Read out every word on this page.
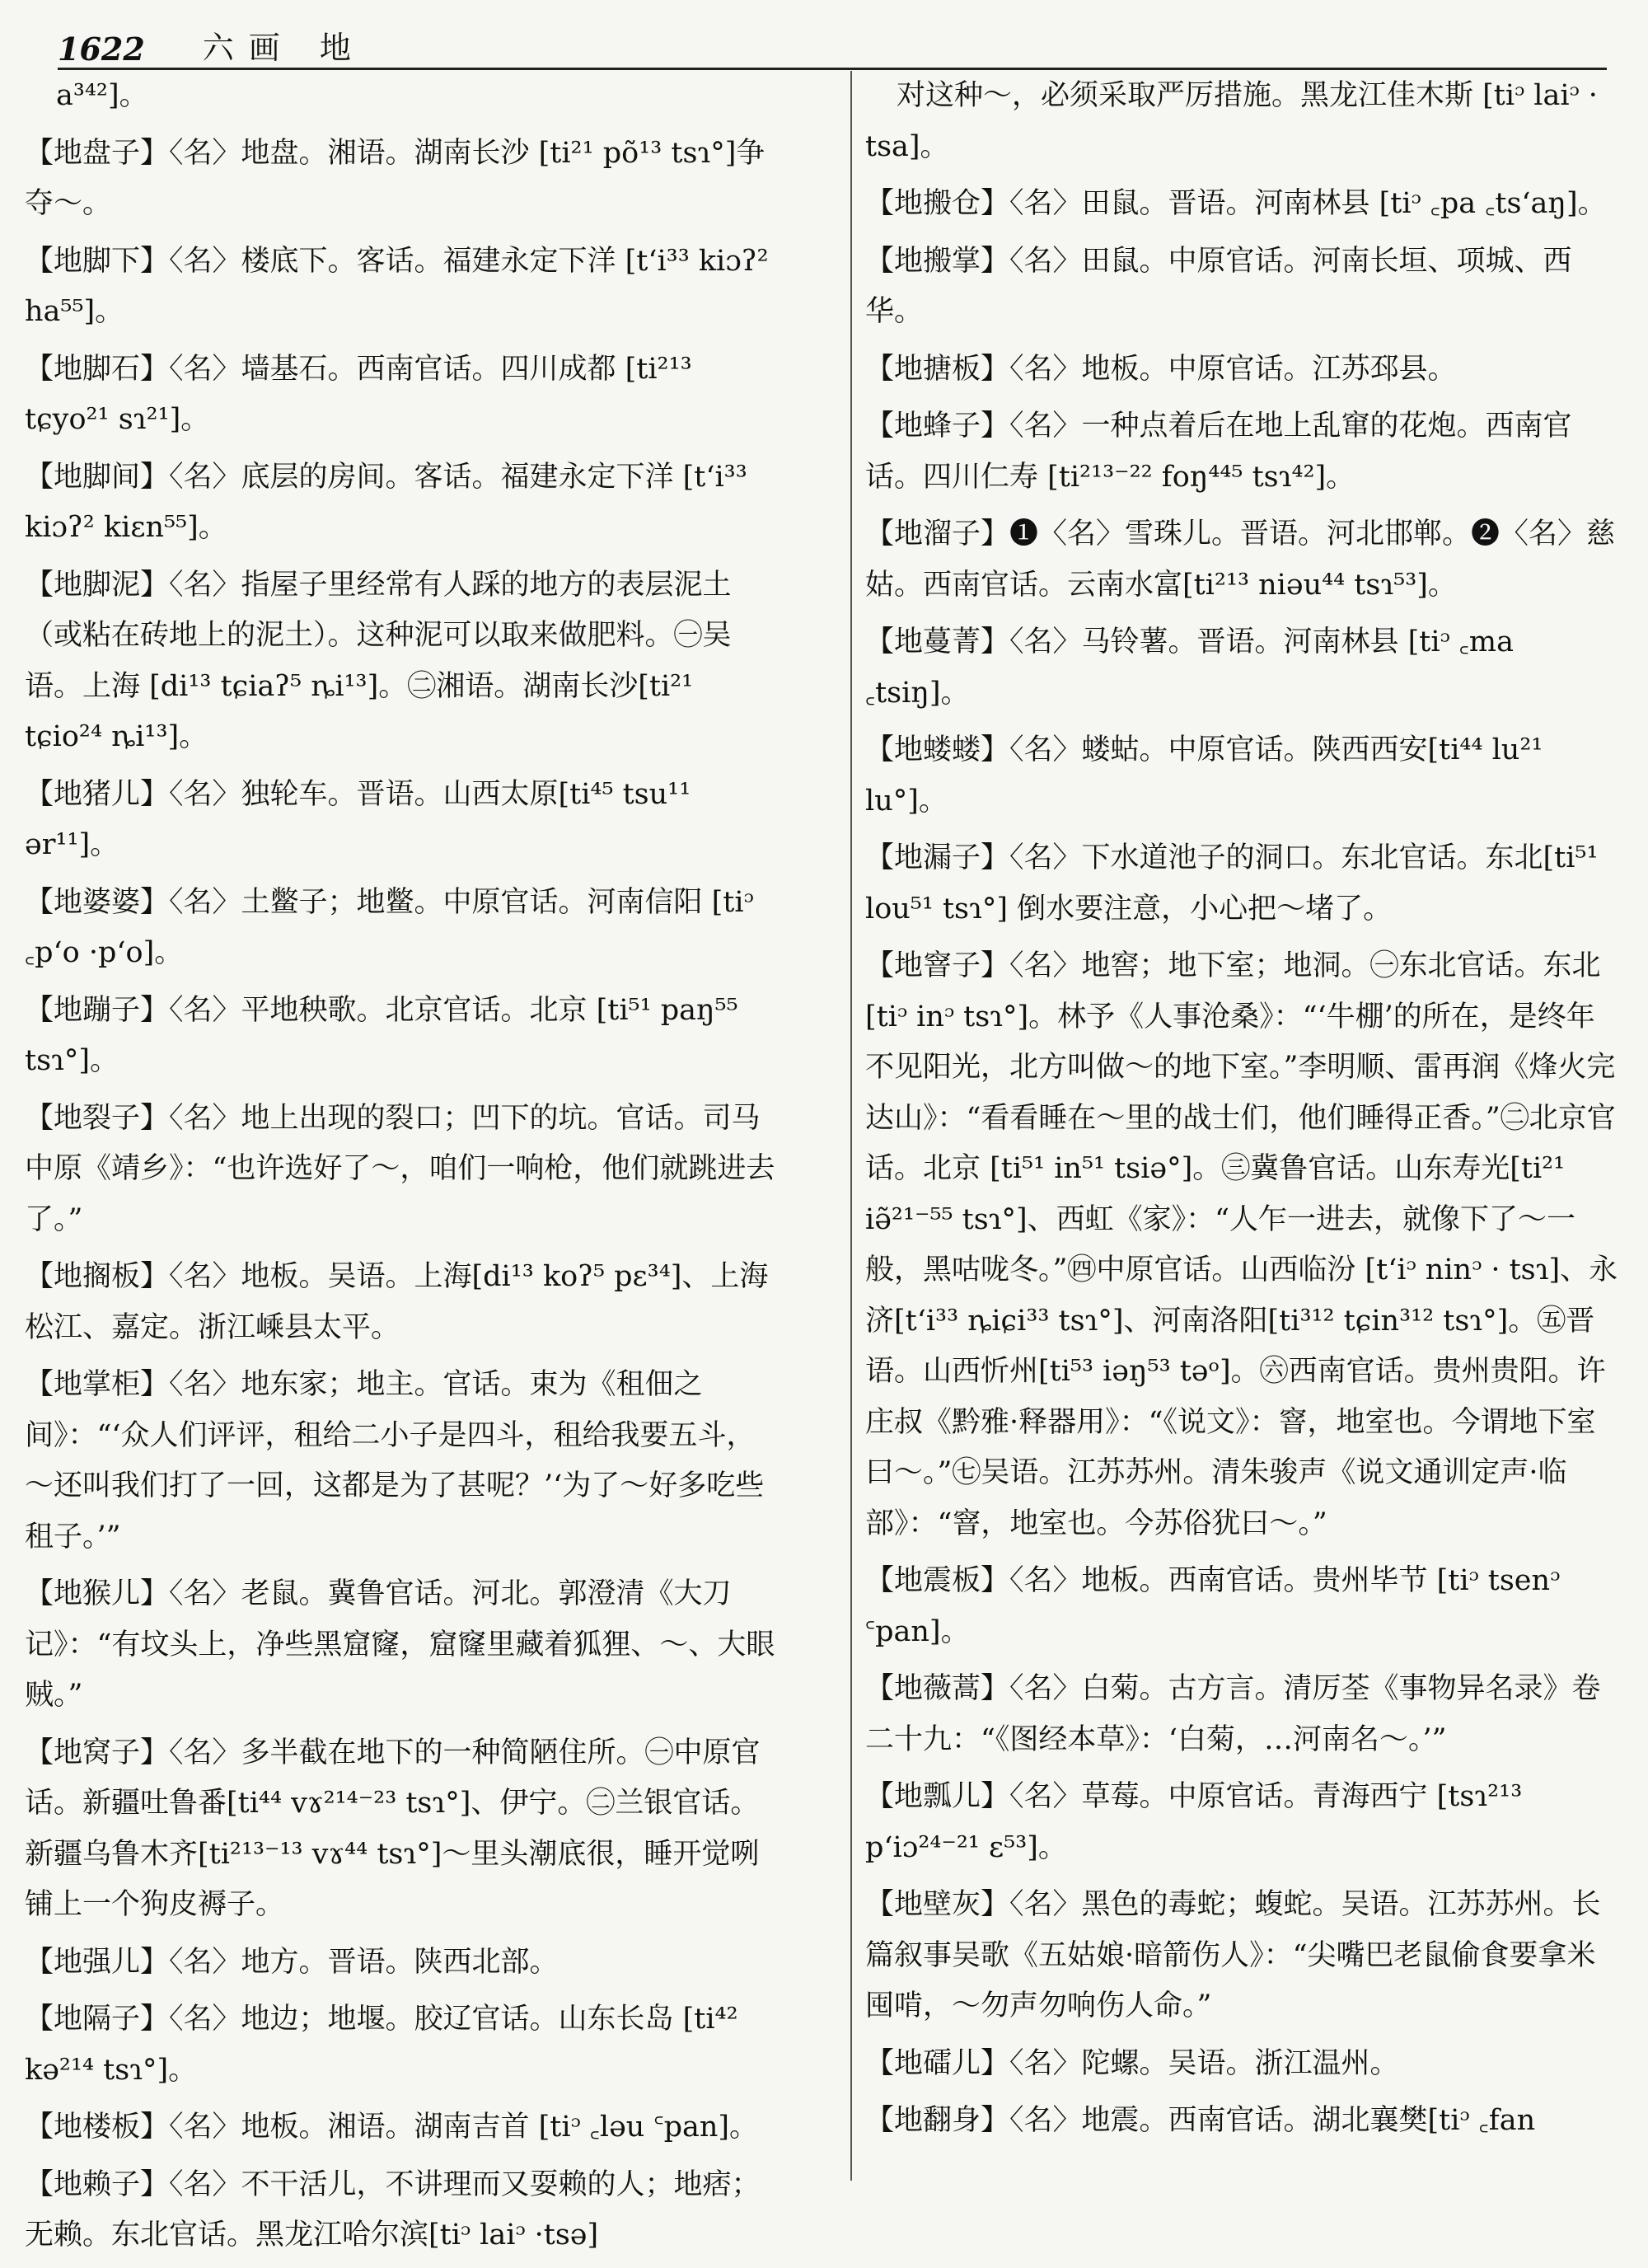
1622 六画 地

a³⁴²]。

【地盘子】〈名〉地盘。湘语。湖南长沙 [ti²¹ põ¹³ tsɿ°]争夺～。

【地脚下】〈名〉楼底下。客话。福建永定下洋 [tʻi³³ kiɔʔ² ha⁵⁵]。

【地脚石】〈名〉墙基石。西南官话。四川成都 [ti²¹³ tɕyo²¹ sɿ²¹]。

【地脚间】〈名〉底层的房间。客话。福建永定下洋 [tʻi³³ kiɔʔ² kiɛn⁵⁵]。

【地脚泥】〈名〉指屋子里经常有人踩的地方的表层泥土（或粘在砖地上的泥土）。这种泥可以取来做肥料。㊀吴语。上海 [di¹³ tɕiaʔ⁵ ȵi¹³]。㊁湘语。湖南长沙[ti²¹ tɕio²⁴ ȵi¹³]。

【地猪儿】〈名〉独轮车。晋语。山西太原[ti⁴⁵ tsu¹¹ ər¹¹]。

【地婆婆】〈名〉土鳖子；地鳖。中原官话。河南信阳 [tiᵓ ꜀pʻo ·pʻo]。

【地蹦子】〈名〉平地秧歌。北京官话。北京 [ti⁵¹ paŋ⁵⁵ tsɿ°]。

【地裂子】〈名〉地上出现的裂口；凹下的坑。官话。司马中原《靖乡》：“也许选好了～，咱们一响枪，他们就跳进去了。”

【地搁板】〈名〉地板。吴语。上海[di¹³ koʔ⁵ pɛ³⁴]、上海松江、嘉定。浙江嵊县太平。

【地掌柜】〈名〉地东家；地主。官话。束为《租佃之间》：“‘众人们评评，租给二小子是四斗，租给我要五斗，～还叫我们打了一回，这都是为了甚呢？’‘为了～好多吃些租子。’”

【地猴儿】〈名〉老鼠。冀鲁官话。河北。郭澄清《大刀记》：“有坟头上，净些黑窟窿，窟窿里藏着狐狸、～、大眼贼。”

【地窝子】〈名〉多半截在地下的一种简陋住所。㊀中原官话。新疆吐鲁番[ti⁴⁴ vɤ²¹⁴⁻²³ tsɿ°]、伊宁。㊁兰银官话。新疆乌鲁木齐[ti²¹³⁻¹³ vɤ⁴⁴ tsɿ°]～里头潮底很，睡开觉咧铺上一个狗皮褥子。

【地强儿】〈名〉地方。晋语。陕西北部。

【地隔子】〈名〉地边；地堰。胶辽官话。山东长岛 [ti⁴² kə²¹⁴ tsɿ°]。

【地楼板】〈名〉地板。湘语。湖南吉首 [tiᵓ ꜀ləu ꜂pan]。

【地赖子】〈名〉不干活儿，不讲理而又耍赖的人；地痞；无赖。东北官话。黑龙江哈尔滨[tiᵓ laiᵓ ·tsə]

对这种～，必须采取严厉措施。黑龙江佳木斯 [tiᵓ laiᵓ · tsa]。

【地搬仓】〈名〉田鼠。晋语。河南林县 [tiᵓ ꜀pa ꜀tsʻaŋ]。

【地搬掌】〈名〉田鼠。中原官话。河南长垣、项城、西华。

【地搪板】〈名〉地板。中原官话。江苏邳县。

【地蜂子】〈名〉一种点着后在地上乱窜的花炮。西南官话。四川仁寿 [ti²¹³⁻²² foŋ⁴⁴⁵ tsɿ⁴²]。

【地溜子】❶〈名〉雪珠儿。晋语。河北邯郸。❷〈名〉慈姑。西南官话。云南水富[ti²¹³ niəu⁴⁴ tsɿ⁵³]。

【地蔓菁】〈名〉马铃薯。晋语。河南林县 [tiᵓ ꜀ma ꜀tsiŋ]。

【地蝼蝼】〈名〉蝼蛄。中原官话。陕西西安[ti⁴⁴ lu²¹ lu°]。

【地漏子】〈名〉下水道池子的洞口。东北官话。东北[ti⁵¹ lou⁵¹ tsɿ°] 倒水要注意，小心把～堵了。

【地窨子】〈名〉地窖；地下室；地洞。㊀东北官话。东北 [tiᵓ inᵓ tsɿ°]。林予《人事沧桑》：“‘牛棚’的所在，是终年不见阳光，北方叫做～的地下室。”李明顺、雷再润《烽火完达山》：“看看睡在～里的战士们，他们睡得正香。”㊁北京官话。北京 [ti⁵¹ in⁵¹ tsiə°]。㊂冀鲁官话。山东寿光[ti²¹ iə̃²¹⁻⁵⁵ tsɿ°]、西虹《家》：“人乍一进去，就像下了～一般，黑咕咙冬。”㊃中原官话。山西临汾 [tʻiᵓ ninᵓ · tsɿ]、永济[tʻi³³ ȵiɕi³³ tsɿ°]、河南洛阳[ti³¹² tɕin³¹² tsɿ°]。㊄晋语。山西忻州[ti⁵³ iəŋ⁵³ təᵒ]。㊅西南官话。贵州贵阳。许庄叔《黔雅·释器用》：“《说文》：窨，地室也。今谓地下室曰～。”㊆吴语。江苏苏州。清朱骏声《说文通训定声·临部》：“窨，地室也。今苏俗犹曰～。”

【地震板】〈名〉地板。西南官话。贵州毕节 [tiᵓ tsenᵓ ꜂pan]。

【地薇蒿】〈名〉白菊。古方言。清厉荃《事物异名录》卷二十九：“《图经本草》：‘白菊，…河南名～。’”

【地瓢儿】〈名〉草莓。中原官话。青海西宁 [tsɿ²¹³ pʻiɔ²⁴⁻²¹ ɛ⁵³]。

【地壁灰】〈名〉黑色的毒蛇；蝮蛇。吴语。江苏苏州。长篇叙事吴歌《五姑娘·暗箭伤人》：“尖嘴巴老鼠偷食要拿米囤啃，～勿声勿响伤人命。”

【地礌儿】〈名〉陀螺。吴语。浙江温州。

【地翻身】〈名〉地震。西南官话。湖北襄樊[tiᵓ ꜀fan
